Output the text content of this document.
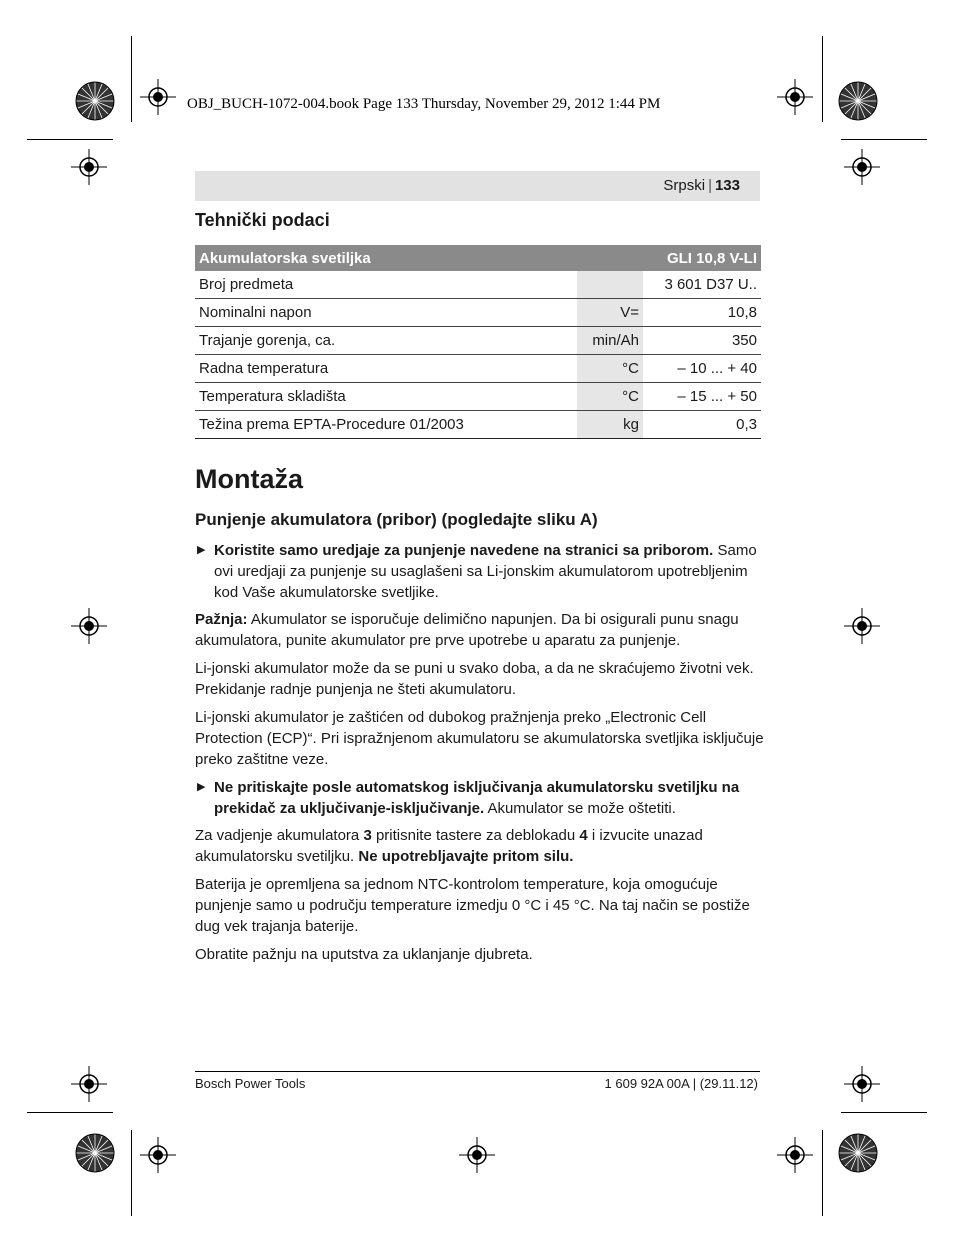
OBJ_BUCH-1072-004.book Page 133 Thursday, November 29, 2012 1:44 PM
Srpski | 133
Tehnički podaci
Akumulatorska svetiljka		GLI 10,8 V-LI
Broj predmeta		3 601 D37 U..
Nominalni napon	V=	10,8
Trajanje gorenja, ca.	min/Ah	350
Radna temperatura	°C	– 10 ... + 40
Temperatura skladišta	°C	– 15 ... + 50
Težina prema EPTA-Procedure 01/2003	kg	0,3
Montaža
Punjenje akumulatora (pribor) (pogledajte sliku A)
▶ Koristite samo uredjaje za punjenje navedene na stranici sa priborom. Samo ovi uredjaji za punjenje su usaglašeni sa Li-jonskim akumulatorom upotrebljenim kod Vaše akumulatorske svetljike.

Pažnja: Akumulator se isporučuje delimično napunjen. Da bi osigurali punu snagu akumulatora, punite akumulator pre prve upotrebe u aparatu za punjenje.

Li-jonski akumulator može da se puni u svako doba, a da ne skraćujemo životni vek. Prekidanje radnje punjenja ne šteti akumulatoru.

Li-jonski akumulator je zaštićen od dubokog pražnjenja preko „Electronic Cell Protection (ECP)“. Pri ispražnjenom akumulatoru se akumulatorska svetljika isključuje preko zaštitne veze.

▶ Ne pritiskajte posle automatskog isključivanja akumulatorsku svetiljku na prekidač za uključivanje-isključivanje. Akumulator se može oštetiti.

Za vadjenje akumulatora 3 pritisnite tastere za deblokadu 4 i izvucite unazad akumulatorsku svetiljku. Ne upotrebljavajte pritom silu.

Baterija je opremljena sa jednom NTC-kontrolom temperature, koja omogućuje punjenje samo u području temperature izmedju 0 °C i 45 °C. Na taj način se postiže dug vek trajanja baterije.

Obratite pažnju na uputstva za uklanjanje djubreta.

Bosch Power Tools	1 609 92A 00A | (29.11.12)
